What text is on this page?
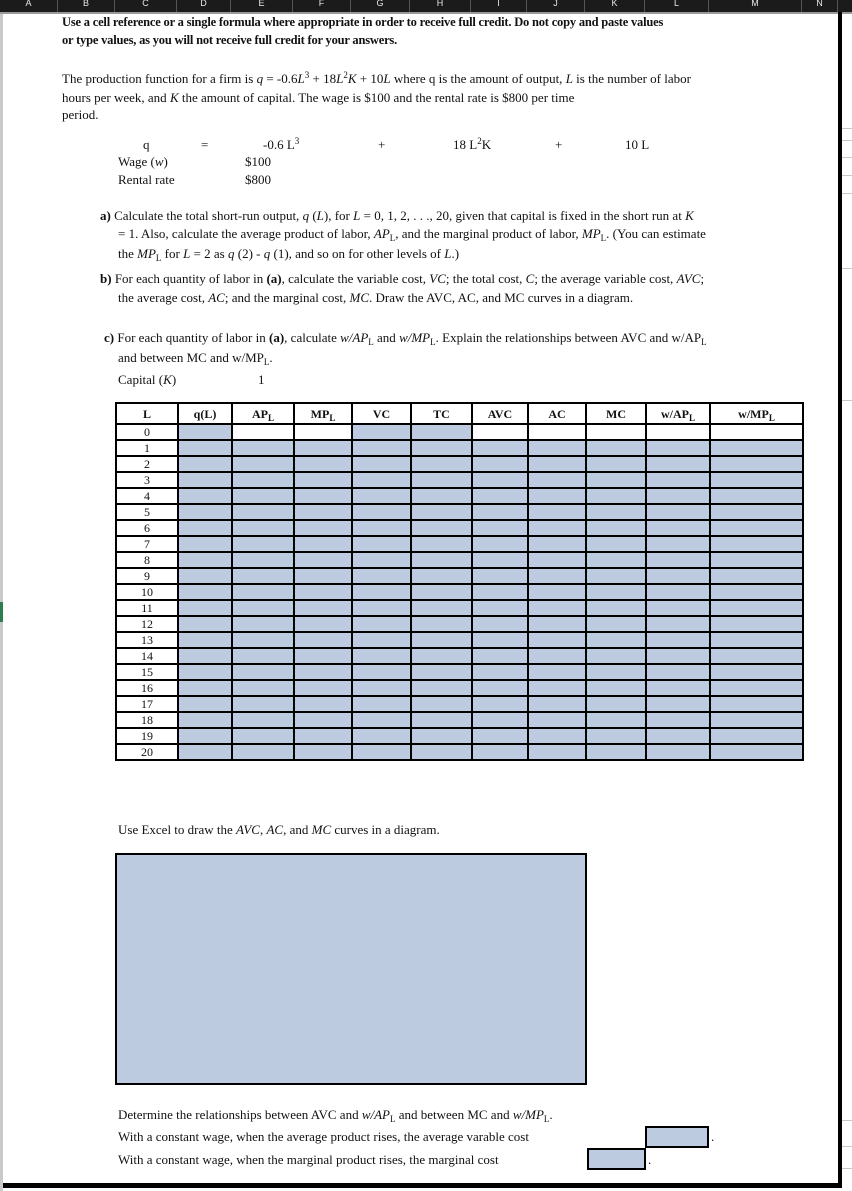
A	B	C	D	E	F	G	H	I	J	K	L	M	N
Use a cell reference or a single formula where appropriate in order to receive full credit. Do not copy and paste values
or type values, as you will not receive full credit for your answers.
The production function for a firm is $q = -0.6L^3 + 18L^2K + 10L$ where q is the amount of output, L is the number of labor
hours per week, and K the amount of capital. The wage is $100 and the rental rate is $800 per time
period.
q	=	-0.6 $L^3$	+	18 $L^2K$	+	10 L
Wage (w)	$100
Rental rate	$800
a) Calculate the total short-run output, q (L), for L = 0, 1, 2, . . ., 20, given that capital is fixed in the short run at K
= 1. Also, calculate the average product of labor, $AP_L$, and the marginal product of labor, $MP_L$. (You can estimate
the $MP_L$ for L = 2 as q (2) - q (1), and so on for other levels of L.)
b) For each quantity of labor in (a), calculate the variable cost, VC; the total cost, C; the average variable cost, AVC;
the average cost, AC; and the marginal cost, MC. Draw the AVC, AC, and MC curves in a diagram.
c) For each quantity of labor in (a), calculate $w/AP_L$ and $w/MP_L$. Explain the relationships between AVC and $w/AP_L$
and between MC and $w/MP_L$.
Capital (K)	1
L	q(L)	$AP_L$	$MP_L$	VC	TC	AVC	AC	MC	$w/AP_L$	$w/MP_L$
0										
1										
2										
3										
4										
5										
6										
7										
8										
9										
10										
11										
12										
13										
14										
15										
16										
17										
18										
19										
20										
Use Excel to draw the AVC, AC, and MC curves in a diagram.
Determine the relationships between AVC and $w/AP_L$ and between MC and $w/MP_L$.
With a constant wage, when the average product rises, the average varable cost	.
With a constant wage, when the marginal product rises, the marginal cost	.
